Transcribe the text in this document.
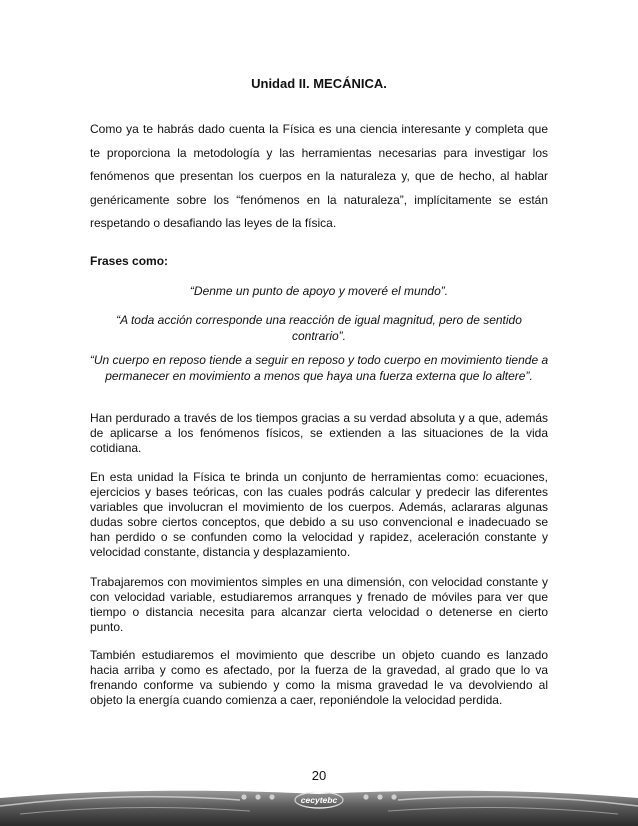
Unidad II. MECÁNICA.

Como ya te habrás dado cuenta la Física es una ciencia interesante y completa que te proporciona la metodología y las herramientas necesarias para investigar los fenómenos que presentan los cuerpos en la naturaleza y, que de hecho, al hablar genéricamente sobre los “fenómenos en la naturaleza”, implícitamente se están respetando o desafiando las leyes de la física.

Frases como:

“Denme un punto de apoyo y moveré el mundo”.

“A toda acción corresponde una reacción de igual magnitud, pero de sentido contrario”.

“Un cuerpo en reposo tiende a seguir en reposo y todo cuerpo en movimiento tiende a permanecer en movimiento a menos que haya una fuerza externa que lo altere”.

Han perdurado a través de los tiempos gracias a su verdad absoluta y a que, además de aplicarse a los fenómenos físicos, se extienden a las situaciones de la vida cotidiana.

En esta unidad la Física te brinda un conjunto de herramientas como: ecuaciones, ejercicios y bases teóricas, con las cuales podrás calcular y predecir las diferentes variables que involucran el movimiento de los cuerpos. Además, aclararas algunas dudas sobre ciertos conceptos, que debido a su uso convencional e inadecuado se han perdido o se confunden como la velocidad y rapidez, aceleración constante y velocidad constante, distancia y desplazamiento.

Trabajaremos con movimientos simples en una dimensión, con velocidad constante y con velocidad variable, estudiaremos arranques y frenado de móviles para ver que tiempo o distancia necesita para alcanzar cierta velocidad o detenerse en cierto punto.

También estudiaremos el movimiento que describe un objeto cuando es lanzado hacia arriba y como es afectado, por la fuerza de la gravedad, al grado que lo va frenando conforme va subiendo y como la misma gravedad le va devolviendo al objeto la energía cuando comienza a caer, reponiéndole la velocidad perdida.

20
cecytebc
